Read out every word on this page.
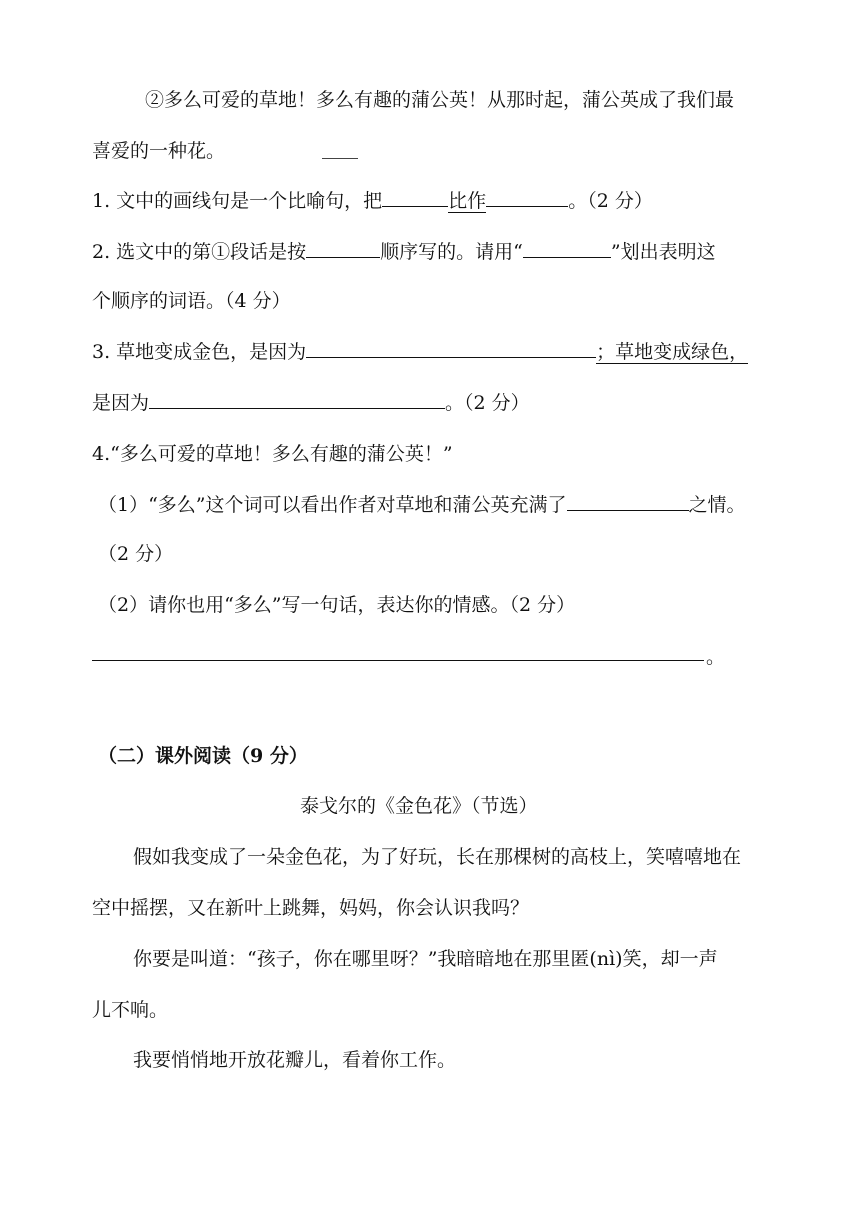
②多么可爱的草地！多么有趣的蒲公英！从那时起，蒲公英成了我们最
喜爱的一种花。
1. 文中的画线句是一个比喻句，把	比作	。（2 分）
2. 选文中的第①段话是按	顺序写的。请用“	”划出表明这
个顺序的词语。（4 分）
3. 草地变成金色，是因为	；草地变成绿色，
是因为	。（2 分）
4.“多么可爱的草地！多么有趣的蒲公英！”
（1）“多么”这个词可以看出作者对草地和蒲公英充满了	之情。
（2 分）
（2）请你也用“多么”写一句话，表达你的情感。（2 分）
。
（二）课外阅读（9 分）
泰戈尔的《金色花》（节选）
假如我变成了一朵金色花，为了好玩，长在那棵树的高枝上，笑嘻嘻地在
空中摇摆，又在新叶上跳舞，妈妈，你会认识我吗？
你要是叫道：“孩子，你在哪里呀？”我暗暗地在那里匿(nì)笑，却一声
儿不响。
我要悄悄地开放花瓣儿，看着你工作。
